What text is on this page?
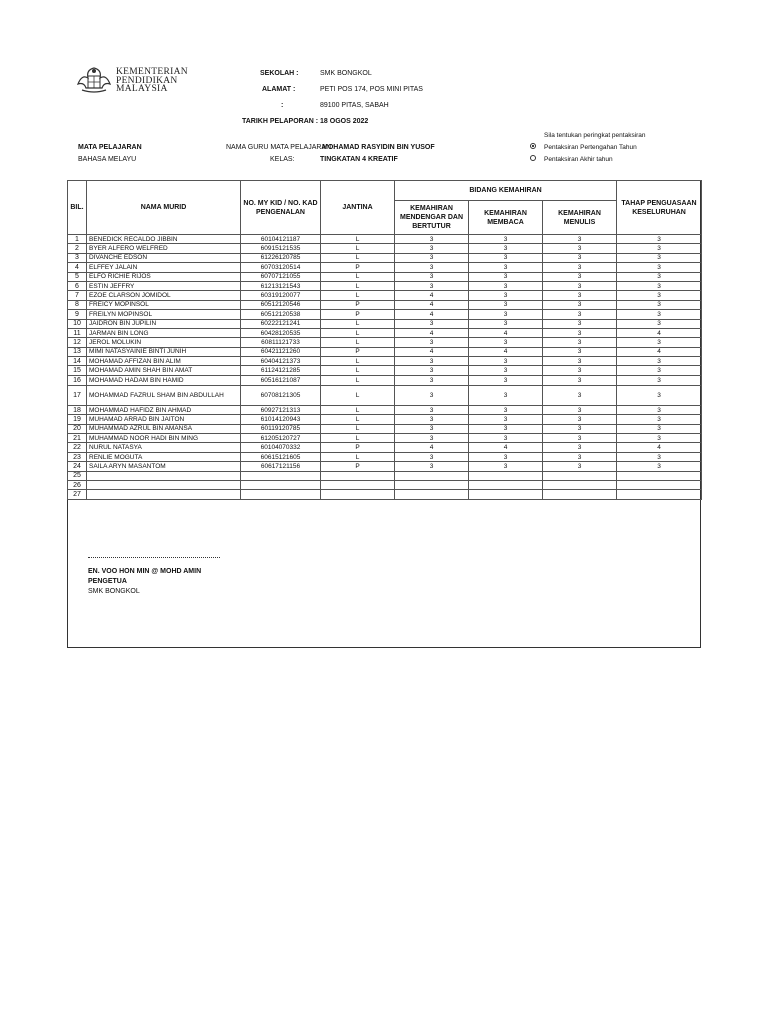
KEMENTERIAN
PENDIDIKAN
MALAYSIA
SEKOLAH :	SMK BONGKOL
ALAMAT :	PETI POS 174, POS MINI PITAS
:	89100 PITAS, SABAH
TARIKH PELAPORAN : 18 OGOS 2022
MATA PELAJARAN
BAHASA MELAYU
NAMA GURU MATA PELAJARAN :
MOHAMAD RASYIDIN BIN YUSOF
KELAS:	TINGKATAN 4 KREATIF
Sila tentukan peringkat pentaksiran
Pentaksiran Pertengahan Tahun
Pentaksiran Akhir tahun
BIL.	NAMA MURID	NO. MY KID / NO. KAD PENGENALAN	JANTINA	BIDANG KEMAHIRAN			TAHAP PENGUASAAN KESELURUHAN
				KEMAHIRAN MENDENGAR DAN BERTUTUR	KEMAHIRAN MEMBACA	KEMAHIRAN MENULIS	
1	BENEDICK RECALDO JIBBIN	60104121187	L	3	3	3	3
2	BYER ALFERO WELFRED	60915121535	L	3	3	3	3
3	DIVANCHE EDSON	61226120785	L	3	3	3	3
4	ELFFEY JALAIN	60703120514	P	3	3	3	3
5	ELFO RICHIE RIJOS	60707121055	L	3	3	3	3
6	ESTIN JEFFRY	61213121543	L	3	3	3	3
7	EZOE CLARSON JOMIDOL	60319120077	L	4	3	3	3
8	FREICY MOPINSOL	60512120546	P	4	3	3	3
9	FREILYN MOPINSOL	60512120538	P	4	3	3	3
10	JAIDRON BIN JUPILIN	60222121241	L	3	3	3	3
11	JARMAN BIN LONG	60428120535	L	4	4	3	4
12	JEROL MOLUKIN	60811121733	L	3	3	3	3
13	MIMI NATASYAINIE BINTI JUNIH	60421121260	P	4	4	3	4
14	MOHAMAD AFFIZAN BIN ALIM	60404121373	L	3	3	3	3
15	MOHAMAD AMIN SHAH BIN AMAT	61124121285	L	3	3	3	3
16	MOHAMAD HADAM BIN HAMID	60516121087	L	3	3	3	3
17	MOHAMMAD FAZRUL SHAM BIN ABDULLAH	60708121305	L	3	3	3	3
18	MOHAMMAD HAFIDZ BIN AHMAD	60927121313	L	3	3	3	3
19	MUHAMAD ARRAD BIN JAITON	61014120943	L	3	3	3	3
20	MUHAMMAD AZRUL BIN AMANSA	60119120785	L	3	3	3	3
21	MUHAMMAD NOOR HADI BIN MING	61205120727	L	3	3	3	3
22	NURUL NATASYA	60104070332	P	4	4	3	4
23	RENLIE MOGUTA	60615121605	L	3	3	3	3
24	SAILA ARYN MASANTOM	60617121156	P	3	3	3	3
25							
26							
27							
EN. VOO HON MIN @ MOHD AMIN
PENGETUA
SMK BONGKOL
